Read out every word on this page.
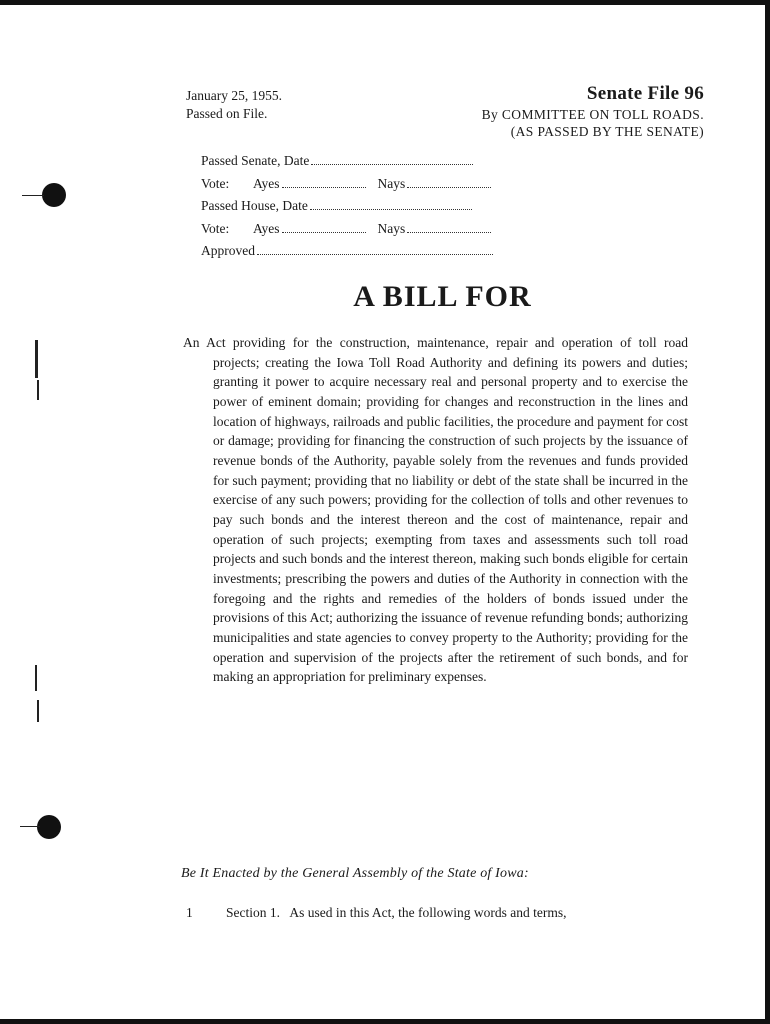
January 25, 1955.
Passed on File.
Senate File 96
By COMMITTEE ON TOLL ROADS.
(AS PASSED BY THE SENATE)
Passed Senate, Date
Vote:	Ayes	Nays
Passed House, Date
Vote:	Ayes	Nays
Approved
A BILL FOR
An Act providing for the construction, maintenance, repair and operation of toll road projects; creating the Iowa Toll Road Authority and defining its powers and duties; granting it power to acquire necessary real and personal property and to exercise the power of eminent domain; providing for changes and reconstruction in the lines and location of highways, railroads and public facilities, the procedure and payment for cost or damage; providing for financing the construction of such projects by the issuance of revenue bonds of the Authority, payable solely from the revenues and funds provided for such payment; providing that no liability or debt of the state shall be incurred in the exercise of any such powers; providing for the collection of tolls and other revenues to pay such bonds and the interest thereon and the cost of maintenance, repair and operation of such projects; exempting from taxes and assessments such toll road projects and such bonds and the interest thereon, making such bonds eligible for certain investments; prescribing the powers and duties of the Authority in connection with the foregoing and the rights and remedies of the holders of bonds issued under the provisions of this Act; authorizing the issuance of revenue refunding bonds; authorizing municipalities and state agencies to convey property to the Authority; providing for the operation and supervision of the projects after the retirement of such bonds, and for making an appropriation for preliminary expenses.
Be It Enacted by the General Assembly of the State of Iowa:
1	Section 1.   As used in this Act, the following words and terms,
